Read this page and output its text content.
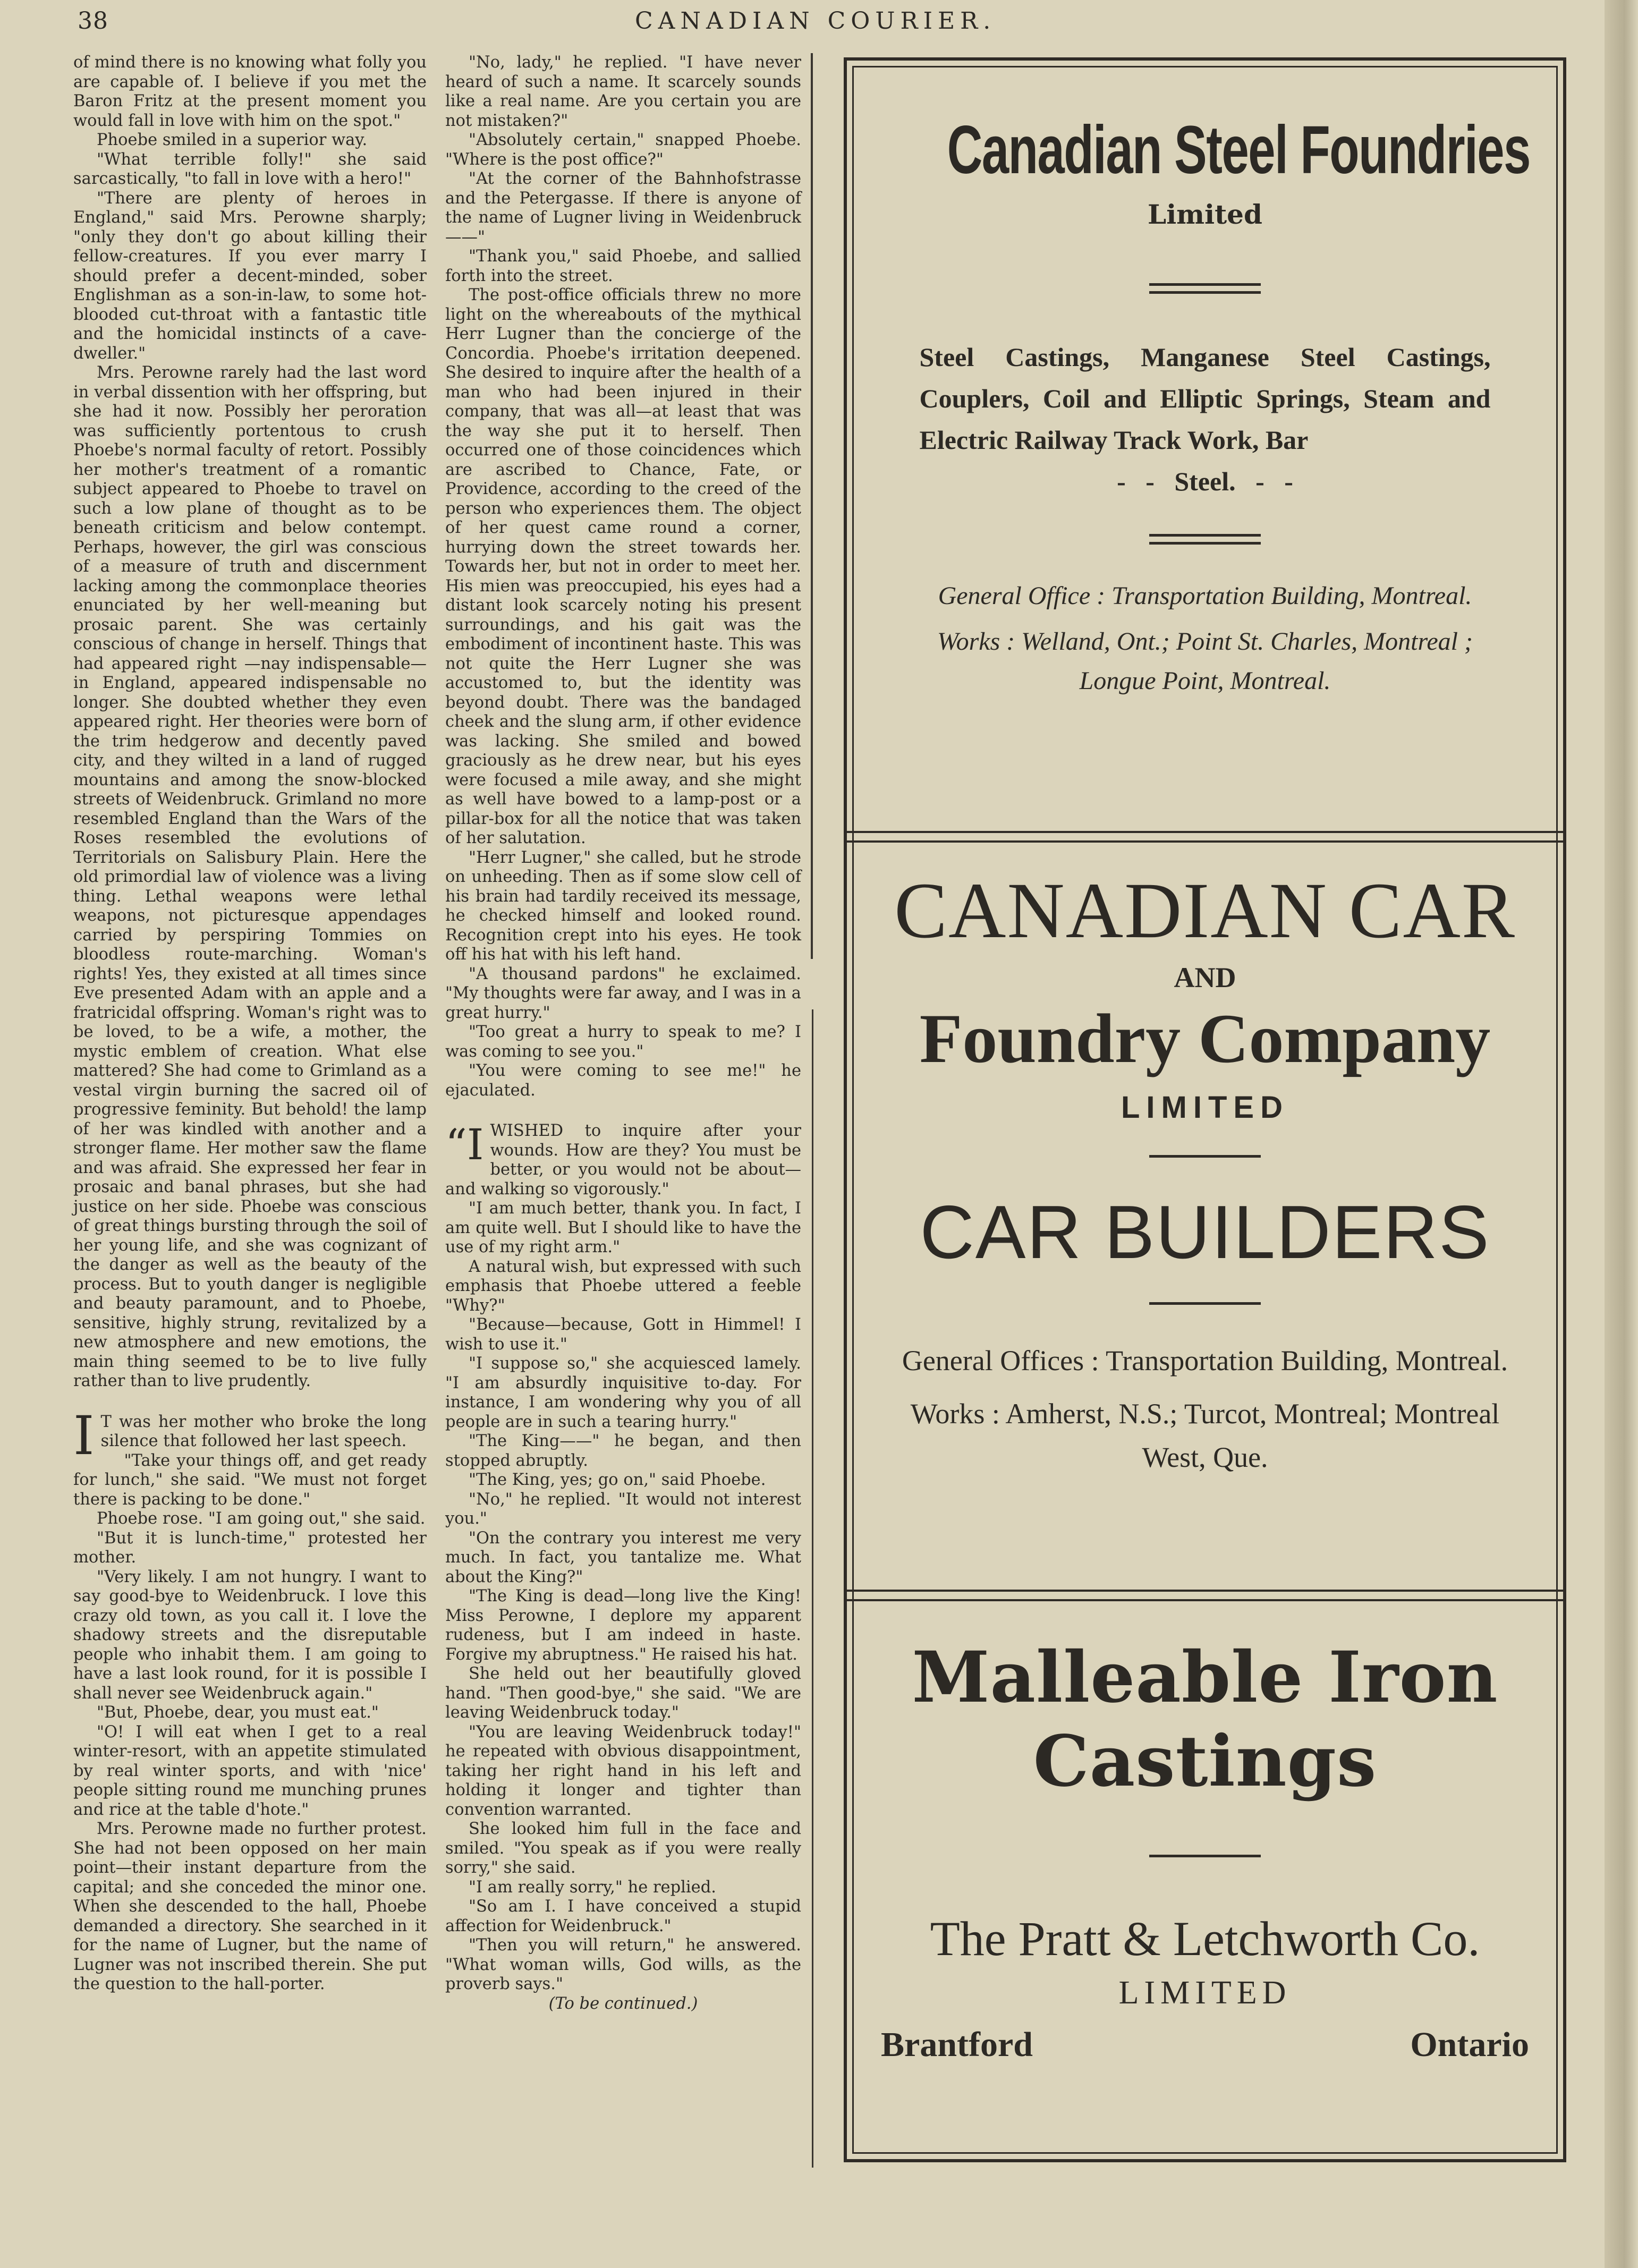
38	CANADIAN COURIER.

of mind there is no knowing what folly you are capable of. I believe if you met the Baron Fritz at the present moment you would fall in love with him on the spot."

Phoebe smiled in a superior way.

"What terrible folly!" she said sarcastically, "to fall in love with a hero!"

"There are plenty of heroes in England," said Mrs. Perowne sharply; "only they don't go about killing their fellow-creatures. If you ever marry I should prefer a decent-minded, sober Englishman as a son-in-law, to some hot-blooded cut-throat with a fantastic title and the homicidal instincts of a cave-dweller."

Mrs. Perowne rarely had the last word in verbal dissention with her offspring, but she had it now. Possibly her peroration was sufficiently portentous to crush Phoebe's normal faculty of retort. Possibly her mother's treatment of a romantic subject appeared to Phoebe to travel on such a low plane of thought as to be beneath criticism and below contempt. Perhaps, however, the girl was conscious of a measure of truth and discernment lacking among the commonplace theories enunciated by her well-meaning but prosaic parent. She was certainly conscious of change in herself. Things that had appeared right —nay indispensable—in England, appeared indispensable no longer. She doubted whether they even appeared right. Her theories were born of the trim hedgerow and decently paved city, and they wilted in a land of rugged mountains and among the snow-blocked streets of Weidenbruck. Grimland no more resembled England than the Wars of the Roses resembled the evolutions of Territorials on Salisbury Plain. Here the old primordial law of violence was a living thing. Lethal weapons were lethal weapons, not picturesque appendages carried by perspiring Tommies on bloodless route-marching. Woman's rights! Yes, they existed at all times since Eve presented Adam with an apple and a fratricidal offspring. Woman's right was to be loved, to be a wife, a mother, the mystic emblem of creation. What else mattered? She had come to Grimland as a vestal virgin burning the sacred oil of progressive feminity. But behold! the lamp of her was kindled with another and a stronger flame. Her mother saw the flame and was afraid. She expressed her fear in prosaic and banal phrases, but she had justice on her side. Phoebe was conscious of great things bursting through the soil of her young life, and she was cognizant of the danger as well as the beauty of the process. But to youth danger is negligible and beauty paramount, and to Phoebe, sensitive, highly strung, revitalized by a new atmosphere and new emotions, the main thing seemed to be to live fully rather than to live prudently.

I T was her mother who broke the long silence that followed her last speech.

"Take your things off, and get ready for lunch," she said. "We must not forget there is packing to be done."

Phoebe rose. "I am going out," she said.

"But it is lunch-time," protested her mother.

"Very likely. I am not hungry. I want to say good-bye to Weidenbruck. I love this crazy old town, as you call it. I love the shadowy streets and the disreputable people who inhabit them. I am going to have a last look round, for it is possible I shall never see Weidenbruck again."

"But, Phoebe, dear, you must eat."

"O! I will eat when I get to a real winter-resort, with an appetite stimulated by real winter sports, and with 'nice' people sitting round me munching prunes and rice at the table d'hote."

Mrs. Perowne made no further protest. She had not been opposed on her main point—their instant departure from the capital; and she conceded the minor one. When she descended to the hall, Phoebe demanded a directory. She searched in it for the name of Lugner, but the name of Lugner was not inscribed therein. She put the question to the hall-porter.

"No, lady," he replied. "I have never heard of such a name. It scarcely sounds like a real name. Are you certain you are not mistaken?"

"Absolutely certain," snapped Phoebe. "Where is the post office?"

"At the corner of the Bahnhofstrasse and the Petergasse. If there is anyone of the name of Lugner living in Weidenbruck——"

"Thank you," said Phoebe, and sallied forth into the street.

The post-office officials threw no more light on the whereabouts of the mythical Herr Lugner than the concierge of the Concordia. Phoebe's irritation deepened. She desired to inquire after the health of a man who had been injured in their company, that was all—at least that was the way she put it to herself. Then occurred one of those coincidences which are ascribed to Chance, Fate, or Providence, according to the creed of the person who experiences them. The object of her quest came round a corner, hurrying down the street towards her. Towards her, but not in order to meet her. His mien was preoccupied, his eyes had a distant look scarcely noting his present surroundings, and his gait was the embodiment of incontinent haste. This was not quite the Herr Lugner she was accustomed to, but the identity was beyond doubt. There was the bandaged cheek and the slung arm, if other evidence was lacking. She smiled and bowed graciously as he drew near, but his eyes were focused a mile away, and she might as well have bowed to a lamp-post or a pillar-box for all the notice that was taken of her salutation.

"Herr Lugner," she called, but he strode on unheeding. Then as if some slow cell of his brain had tardily received its message, he checked himself and looked round. Recognition crept into his eyes. He took off his hat with his left hand.

"A thousand pardons" he exclaimed. "My thoughts were far away, and I was in a great hurry."

"Too great a hurry to speak to me? I was coming to see you."

"You were coming to see me!" he ejaculated.

“IWISHED to inquire after your wounds. How are they? You must be better, or you would not be about—and walking so vigorously."

"I am much better, thank you. In fact, I am quite well. But I should like to have the use of my right arm."

A natural wish, but expressed with such emphasis that Phoebe uttered a feeble "Why?"

"Because—because, Gott in Himmel! I wish to use it."

"I suppose so," she acquiesced lamely. "I am absurdly inquisitive to-day. For instance, I am wondering why you of all people are in such a tearing hurry."

"The King——" he began, and then stopped abruptly.

"The King, yes; go on," said Phoebe.

"No," he replied. "It would not interest you."

"On the contrary you interest me very much. In fact, you tantalize me. What about the King?"

"The King is dead—long live the King! Miss Perowne, I deplore my apparent rudeness, but I am indeed in haste. Forgive my abruptness." He raised his hat.

She held out her beautifully gloved hand. "Then good-bye," she said. "We are leaving Weidenbruck today."

"You are leaving Weidenbruck today!" he repeated with obvious disappointment, taking her right hand in his left and holding it longer and tighter than convention warranted.

She looked him full in the face and smiled. "You speak as if you were really sorry," she said.

"I am really sorry," he replied.

"So am I. I have conceived a stupid affection for Weidenbruck."

"Then you will return," he answered. "What woman wills, God wills, as the proverb says."

(To be continued.)

Canadian Steel Foundries
Limited
Steel Castings, Manganese Steel Castings, Couplers, Coil and Elliptic Springs, Steam and Electric Railway Track Work, Bar
-   -   Steel.   -   -
General Office : Transportation Building, Montreal.
Works : Welland, Ont.; Point St. Charles, Montreal ; Longue Point, Montreal.
CANADIAN CAR
AND
Foundry Company
LIMITED
CAR BUILDERS
General Offices : Transportation Building, Montreal.
Works : Amherst, N.S.; Turcot, Montreal; Montreal West, Que.
Malleable Iron
Castings
The Pratt & Letchworth Co.
LIMITED
Brantford	Ontario
